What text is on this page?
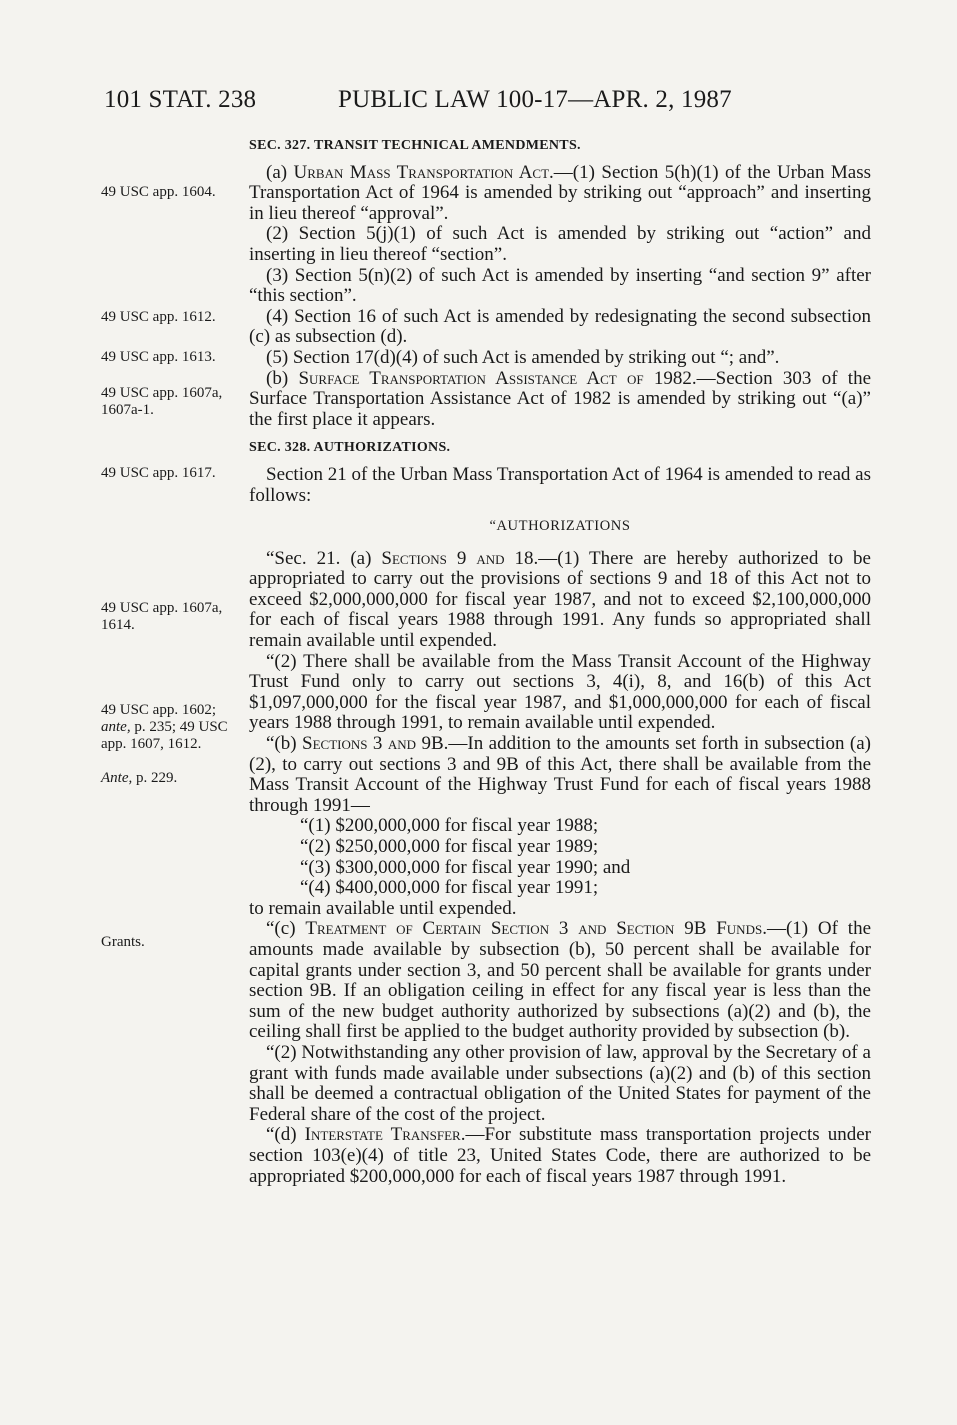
101 STAT. 238	PUBLIC LAW 100-17—APR. 2, 1987
49 USC app. 1604.
49 USC app. 1612.
49 USC app. 1613.
49 USC app. 1607a, 1607a-1.
49 USC app. 1617.
49 USC app. 1607a, 1614.
49 USC app. 1602; ante, p. 235; 49 USC app. 1607, 1612.
Ante, p. 229.
Grants.

SEC. 327. TRANSIT TECHNICAL AMENDMENTS.

(a) Urban Mass Transportation Act.—(1) Section 5(h)(1) of the Urban Mass Transportation Act of 1964 is amended by striking out “approach” and inserting in lieu thereof “approval”.

(2) Section 5(j)(1) of such Act is amended by striking out “action” and inserting in lieu thereof “section”.

(3) Section 5(n)(2) of such Act is amended by inserting “and section 9” after “this section”.

(4) Section 16 of such Act is amended by redesignating the second subsection (c) as subsection (d).

(5) Section 17(d)(4) of such Act is amended by striking out “; and”.

(b) Surface Transportation Assistance Act of 1982.—Section 303 of the Surface Transportation Assistance Act of 1982 is amended by striking out “(a)” the first place it appears.

SEC. 328. AUTHORIZATIONS.

Section 21 of the Urban Mass Transportation Act of 1964 is amended to read as follows:

“AUTHORIZATIONS

“Sec. 21. (a) Sections 9 and 18.—(1) There are hereby authorized to be appropriated to carry out the provisions of sections 9 and 18 of this Act not to exceed $2,000,000,000 for fiscal year 1987, and not to exceed $2,100,000,000 for each of fiscal years 1988 through 1991. Any funds so appropriated shall remain available until expended.

“(2) There shall be available from the Mass Transit Account of the Highway Trust Fund only to carry out sections 3, 4(i), 8, and 16(b) of this Act $1,097,000,000 for the fiscal year 1987, and $1,000,000,000 for each of fiscal years 1988 through 1991, to remain available until expended.

“(b) Sections 3 and 9B.—In addition to the amounts set forth in subsection (a)(2), to carry out sections 3 and 9B of this Act, there shall be available from the Mass Transit Account of the Highway Trust Fund for each of fiscal years 1988 through 1991—

“(1) $200,000,000 for fiscal year 1988;

“(2) $250,000,000 for fiscal year 1989;

“(3) $300,000,000 for fiscal year 1990; and

“(4) $400,000,000 for fiscal year 1991;

to remain available until expended.

“(c) Treatment of Certain Section 3 and Section 9B Funds.—(1) Of the amounts made available by subsection (b), 50 percent shall be available for capital grants under section 3, and 50 percent shall be available for grants under section 9B. If an obligation ceiling in effect for any fiscal year is less than the sum of the new budget authority authorized by subsections (a)(2) and (b), the ceiling shall first be applied to the budget authority provided by subsection (b).

“(2) Notwithstanding any other provision of law, approval by the Secretary of a grant with funds made available under subsections (a)(2) and (b) of this section shall be deemed a contractual obligation of the United States for payment of the Federal share of the cost of the project.

“(d) Interstate Transfer.—For substitute mass transportation projects under section 103(e)(4) of title 23, United States Code, there are authorized to be appropriated $200,000,000 for each of fiscal years 1987 through 1991.
